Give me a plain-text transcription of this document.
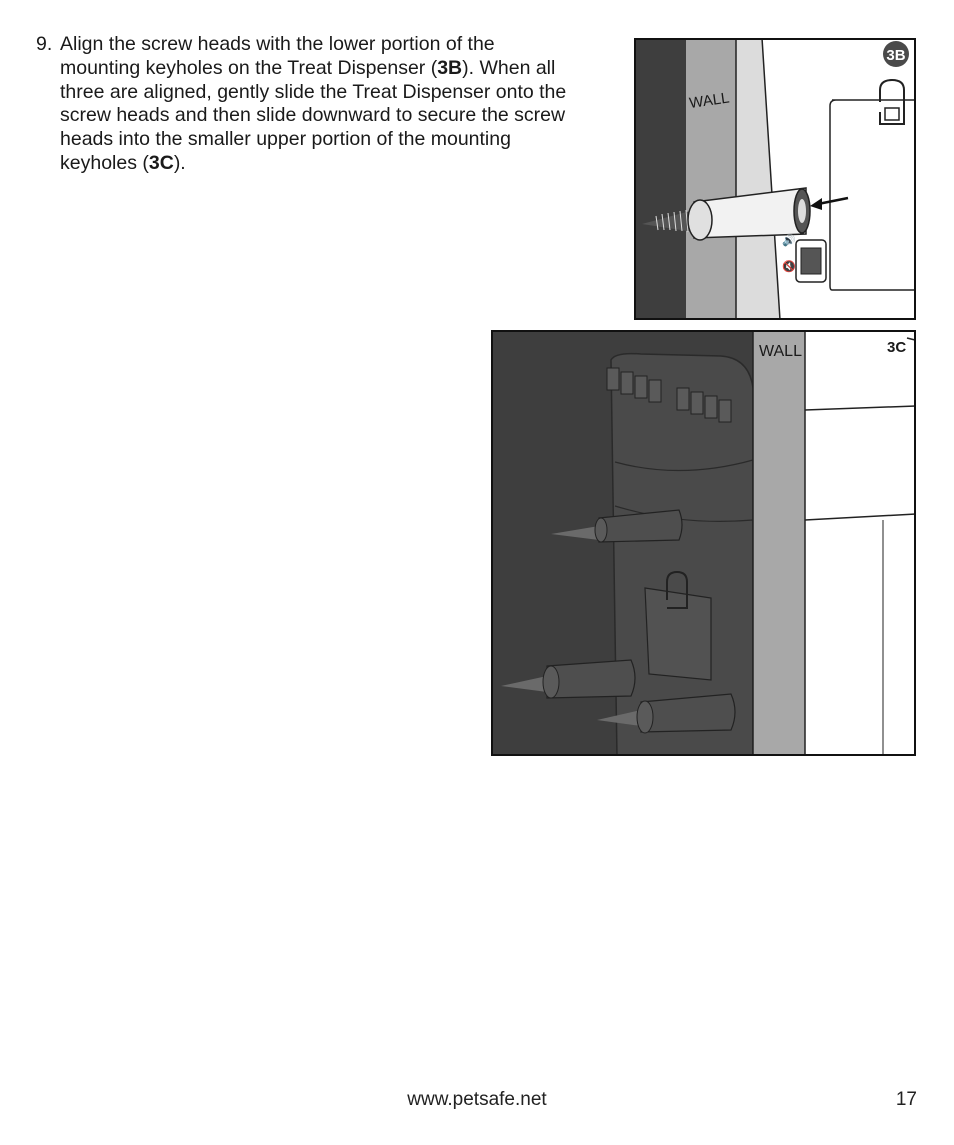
9. Align the screw heads with the lower portion of the mounting keyholes on the Treat Dispenser (3B). When all three are aligned, gently slide the Treat Dispenser onto the screw heads and then slide downward to secure the screw heads into the smaller upper portion of the mounting keyholes (3C).
WALL
🔊
🔇
3B
WALL	3C
www.petsafe.net	17
